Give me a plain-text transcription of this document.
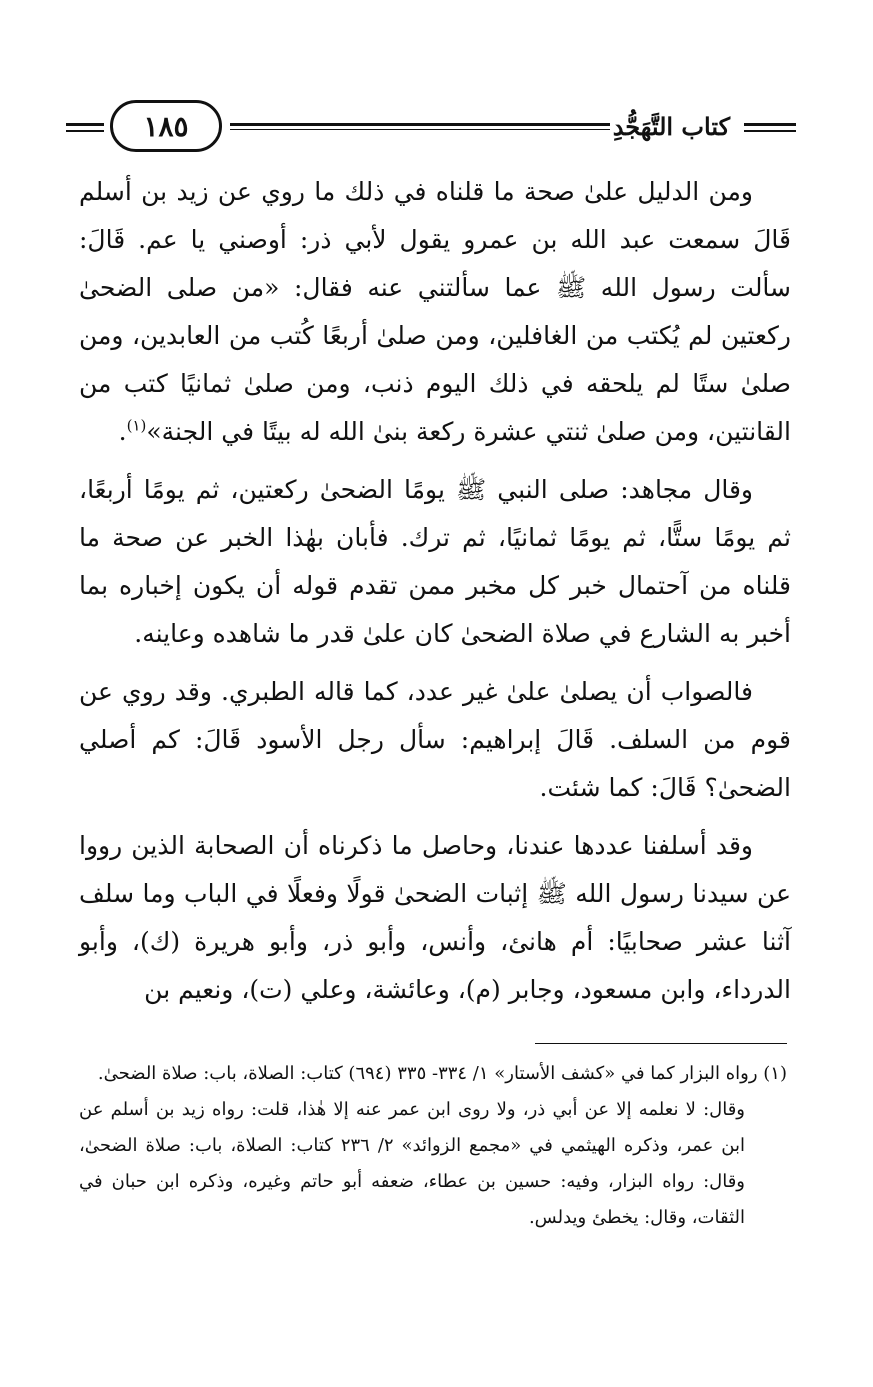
كتاب التَّهَجُّدِ
١٨٥

ومن الدليل علىٰ صحة ما قلناه في ذلك ما روي عن زيد بن أسلم قَالَ سمعت عبد الله بن عمرو يقول لأبي ذر: أوصني يا عم. قَالَ: سألت رسول الله ﷺ عما سألتني عنه فقال: «من صلى الضحىٰ ركعتين لم يُكتب من الغافلين، ومن صلىٰ أربعًا كُتب من العابدين، ومن صلىٰ ستًا لم يلحقه في ذلك اليوم ذنب، ومن صلىٰ ثمانيًا كتب من القانتين، ومن صلىٰ ثنتي عشرة ركعة بنىٰ الله له بيتًا في الجنة»$^{(١)}$.

وقال مجاهد: صلى النبي ﷺ يومًا الضحىٰ ركعتين، ثم يومًا أربعًا، ثم يومًا ستًّا، ثم يومًا ثمانيًا، ثم ترك. فأبان بهٰذا الخبر عن صحة ما قلناه من آحتمال خبر كل مخبر ممن تقدم قوله أن يكون إخباره بما أخبر به الشارع في صلاة الضحىٰ كان علىٰ قدر ما شاهده وعاينه.

فالصواب أن يصلىٰ علىٰ غير عدد، كما قاله الطبري. وقد روي عن قوم من السلف. قَالَ إبراهيم: سأل رجل الأسود قَالَ: كم أصلي الضحىٰ؟ قَالَ: كما شئت.

وقد أسلفنا عددها عندنا، وحاصل ما ذكرناه أن الصحابة الذين رووا عن سيدنا رسول الله ﷺ إثبات الضحىٰ قولًا وفعلًا في الباب وما سلف آثنا عشر صحابيًا: أم هانئ، وأنس، وأبو ذر، وأبو هريرة (ك)، وأبو الدرداء، وابن مسعود، وجابر (م)، وعائشة، وعلي (ت)، ونعيم بن

(١) رواه البزار كما في «كشف الأستار» ١/ ٣٣٤- ٣٣٥ (٦٩٤) كتاب: الصلاة، باب: صلاة الضحىٰ.

وقال: لا نعلمه إلا عن أبي ذر، ولا روى ابن عمر عنه إلا هٰذا، قلت: رواه زيد بن أسلم عن ابن عمر، وذكره الهيثمي في «مجمع الزوائد» ٢/ ٢٣٦ كتاب: الصلاة، باب: صلاة الضحىٰ، وقال: رواه البزار، وفيه: حسين بن عطاء، ضعفه أبو حاتم وغيره، وذكره ابن حبان في الثقات، وقال: يخطئ ويدلس.
